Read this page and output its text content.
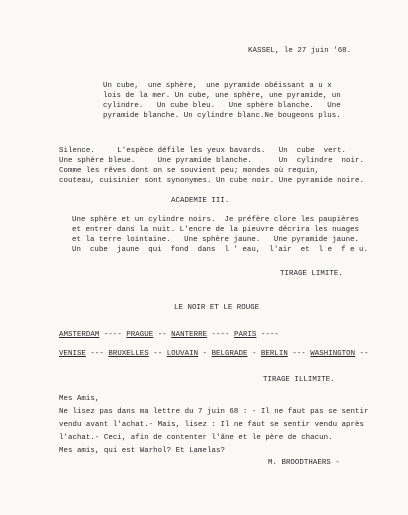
KASSEL, le 27 juin '68.
Un cube,  une sphère,  une pyramide obéissant a u x
lois de la mer. Un cube, une sphère, une pyramide, un
cylindre.   Un cube bleu.   Une sphère blanche.   Une
pyramide blanche. Un cylindre blanc.Ne bougeons plus.
Silence.     L'espèce défile les yeux bavards.   Un  cube  vert.
Une sphère bleue.     Une pyramide blanche.      Un  cylindre  noir.
Comme les rêves dont on se souvient peu; mondes où requin,
couteau, cuisinier sont synonymes. Un cube noir. Une pyramide noire.
ACADEMIE III.
Une sphère et un cylindre noirs.  Je préfère clore les paupières
et entrer dans la nuit. L'encre de la pieuvre décrira les nuages
et la terre lointaine.   Une sphère jaune.   Une pyramide jaune.
Un  cube  jaune  qui  fond  dans  l ' eau,  l'air  et  l e  f e u.
TIRAGE LIMITE.
LE NOIR ET LE ROUGE
AMSTERDAM ---- PRAGUE -- NANTERRE ---- PARIS ----
VENISE --- BRUXELLES -- LOUVAIN - BELGRADE - BERLIN --- WASHINGTON --
TIRAGE ILLIMITE.
Mes Amis,
Ne lisez pas dans ma lettre du 7 juin 68 : - Il ne faut pas se sentir
vendu avant l'achat.- Mais, lisez : Il ne faut se sentir vendu après
l'achat.- Ceci, afin de contenter l'âne et le père de chacun.
Mes amis, qui est Warhol? Et Lamelas?
M. BROODTHAERS -
